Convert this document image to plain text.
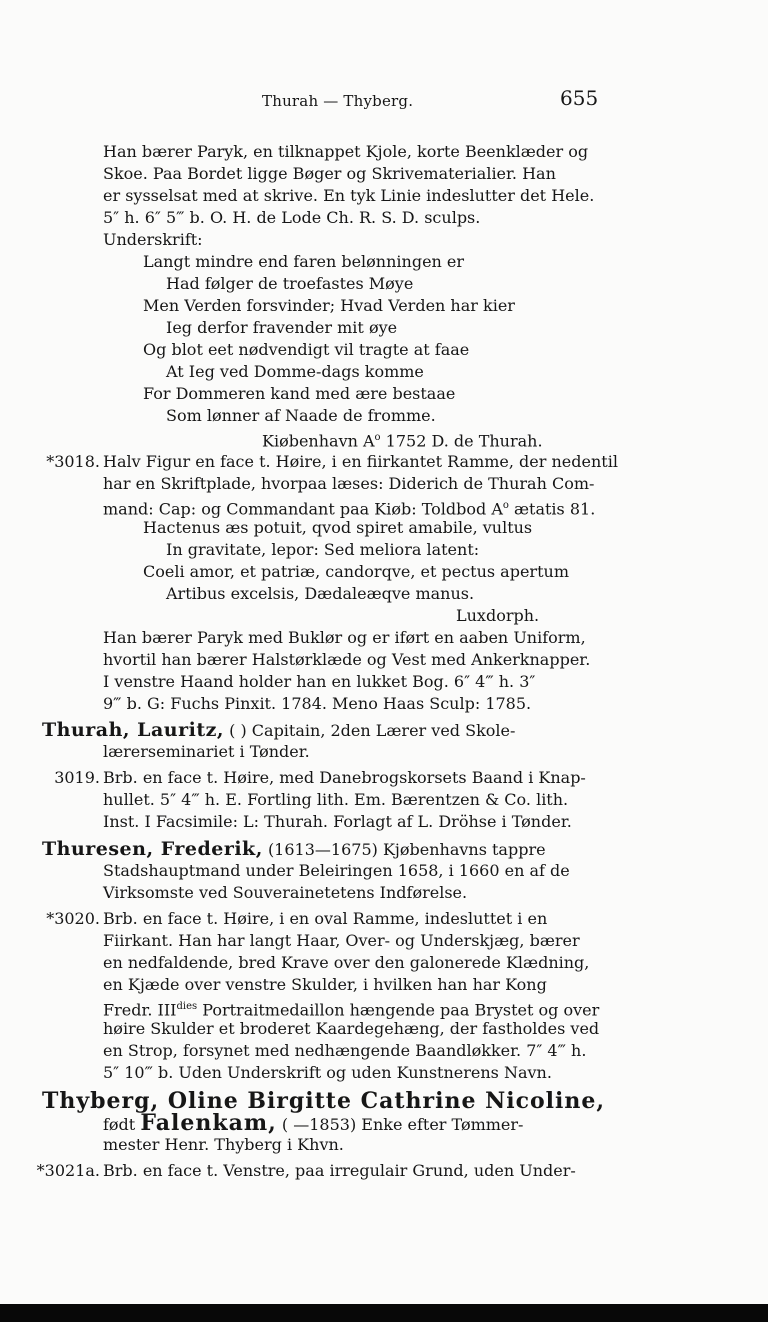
Thurah — Thyberg.	655
Han bærer Paryk, en tilknappet Kjole, korte Beenklæder og
Skoe. Paa Bordet ligge Bøger og Skrivematerialier. Han
er sysselsat med at skrive. En tyk Linie indeslutter det Hele.
5″ h. 6″ 5‴ b. O. H. de Lode Ch. R. S. D. sculps.
Underskrift:
Langt mindre end faren belønningen er
Had følger de troefastes Møye
Men Verden forsvinder; Hvad Verden har kier
Ieg derfor fravender mit øye
Og blot eet nødvendigt vil tragte at faae
At Ieg ved Domme-dags komme
For Dommeren kand med ære bestaae
Som lønner af Naade de fromme.
Kiøbenhavn $A^o$ 1752 D. de Thurah.
*3018. Halv Figur en face t. Høire, i en fiirkantet Ramme, der nedentil
har en Skriftplade, hvorpaa læses: Diderich de Thurah Com-
mand: Cap: og Commandant paa Kiøb: Toldbod $A^o$ ætatis 81.
Hactenus æs potuit, qvod spiret amabile, vultus
In gravitate, lepor: Sed meliora latent:
Coeli amor, et patriæ, candorqve, et pectus apertum
Artibus excelsis, Dædaleæqve manus.
Luxdorph.
Han bærer Paryk med Buklør og er iført en aaben Uniform,
hvortil han bærer Halstørklæde og Vest med Ankerknapper.
I venstre Haand holder han en lukket Bog. 6″ 4‴ h. 3″
9‴ b. G: Fuchs Pinxit. 1784. Meno Haas Sculp: 1785.
Thurah, Lauritz, ( ) Capitain, 2den Lærer ved Skole-
lærerseminariet i Tønder.
3019. Brb. en face t. Høire, med Danebrogskorsets Baand i Knap-
hullet. 5″ 4‴ h. E. Fortling lith. Em. Bærentzen & Co. lith.
Inst. I Facsimile: L: Thurah. Forlagt af L. Dröhse i Tønder.
Thuresen, Frederik, (1613—1675) Kjøbenhavns tappre
Stadshauptmand under Beleiringen 1658, i 1660 en af de
Virksomste ved Souverainetetens Indførelse.
*3020. Brb. en face t. Høire, i en oval Ramme, indesluttet i en
Fiirkant. Han har langt Haar, Over- og Underskjæg, bærer
en nedfaldende, bred Krave over den galonerede Klædning,
en Kjæde over venstre Skulder, i hvilken han har Kong
Fredr. $III^{dies}$ Portraitmedaillon hængende paa Brystet og over
høire Skulder et broderet Kaardegehæng, der fastholdes ved
en Strop, forsynet med nedhængende Baandløkker. 7″ 4‴ h.
5″ 10‴ b. Uden Underskrift og uden Kunstnerens Navn.
Thyberg, Oline Birgitte Cathrine Nicoline,
født Falenkam, ( —1853) Enke efter Tømmer-
mester Henr. Thyberg i Khvn.
*3021a. Brb. en face t. Venstre, paa irregulair Grund, uden Under-
